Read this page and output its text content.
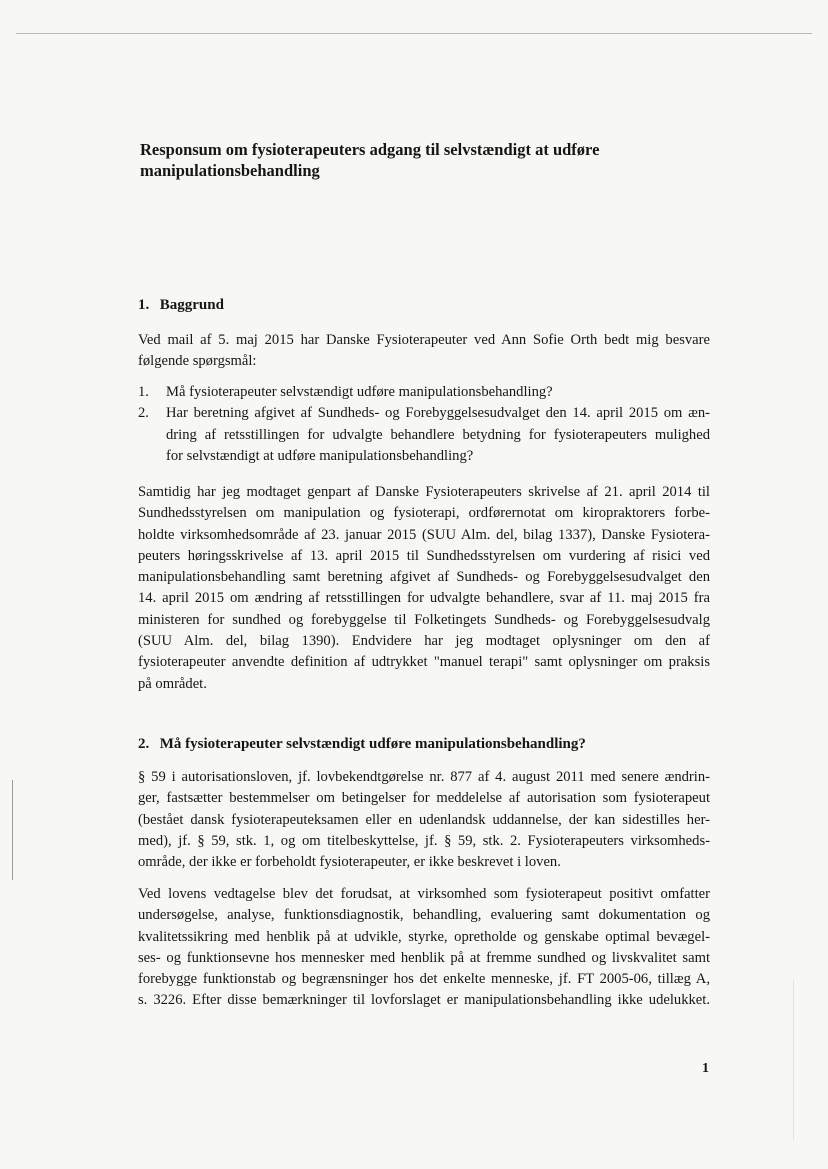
Responsum om fysioterapeuters adgang til selvstændigt at udføre
manipulationsbehandling
1. Baggrund
Ved mail af 5. maj 2015 har Danske Fysioterapeuter ved Ann Sofie Orth bedt mig besvare
følgende spørgsmål:
1. Må fysioterapeuter selvstændigt udføre manipulationsbehandling?
2. Har beretning afgivet af Sundheds- og Forebyggelsesudvalget den 14. april 2015 om æn-
dring af retsstillingen for udvalgte behandlere betydning for fysioterapeuters mulighed
for selvstændigt at udføre manipulationsbehandling?
Samtidig har jeg modtaget genpart af Danske Fysioterapeuters skrivelse af 21. april 2014 til
Sundhedsstyrelsen om manipulation og fysioterapi, ordførernotat om kiropraktorers forbe-
holdte virksomhedsområde af 23. januar 2015 (SUU Alm. del, bilag 1337), Danske Fysiotera-
peuters høringsskrivelse af 13. april 2015 til Sundhedsstyrelsen om vurdering af risici ved
manipulationsbehandling samt beretning afgivet af Sundheds- og Forebyggelsesudvalget den
14. april 2015 om ændring af retsstillingen for udvalgte behandlere, svar af 11. maj 2015 fra
ministeren for sundhed og forebyggelse til Folketingets Sundheds- og Forebyggelsesudvalg
(SUU Alm. del, bilag 1390). Endvidere har jeg modtaget oplysninger om den af
fysioterapeuter anvendte definition af udtrykket "manuel terapi" samt oplysninger om praksis
på området.
2. Må fysioterapeuter selvstændigt udføre manipulationsbehandling?
§ 59 i autorisationsloven, jf. lovbekendtgørelse nr. 877 af 4. august 2011 med senere ændrin-
ger, fastsætter bestemmelser om betingelser for meddelelse af autorisation som fysioterapeut
(bestået dansk fysioterapeuteksamen eller en udenlandsk uddannelse, der kan sidestilles her-
med), jf. § 59, stk. 1, og om titelbeskyttelse, jf. § 59, stk. 2. Fysioterapeuters virksomheds-
område, der ikke er forbeholdt fysioterapeuter, er ikke beskrevet i loven.
Ved lovens vedtagelse blev det forudsat, at virksomhed som fysioterapeut positivt omfatter
undersøgelse, analyse, funktionsdiagnostik, behandling, evaluering samt dokumentation og
kvalitetssikring med henblik på at udvikle, styrke, opretholde og genskabe optimal bevægel-
ses- og funktionsevne hos mennesker med henblik på at fremme sundhed og livskvalitet samt
forebygge funktionstab og begrænsninger hos det enkelte menneske, jf. FT 2005-06, tillæg A,
s. 3226. Efter disse bemærkninger til lovforslaget er manipulationsbehandling ikke udelukket.
1
